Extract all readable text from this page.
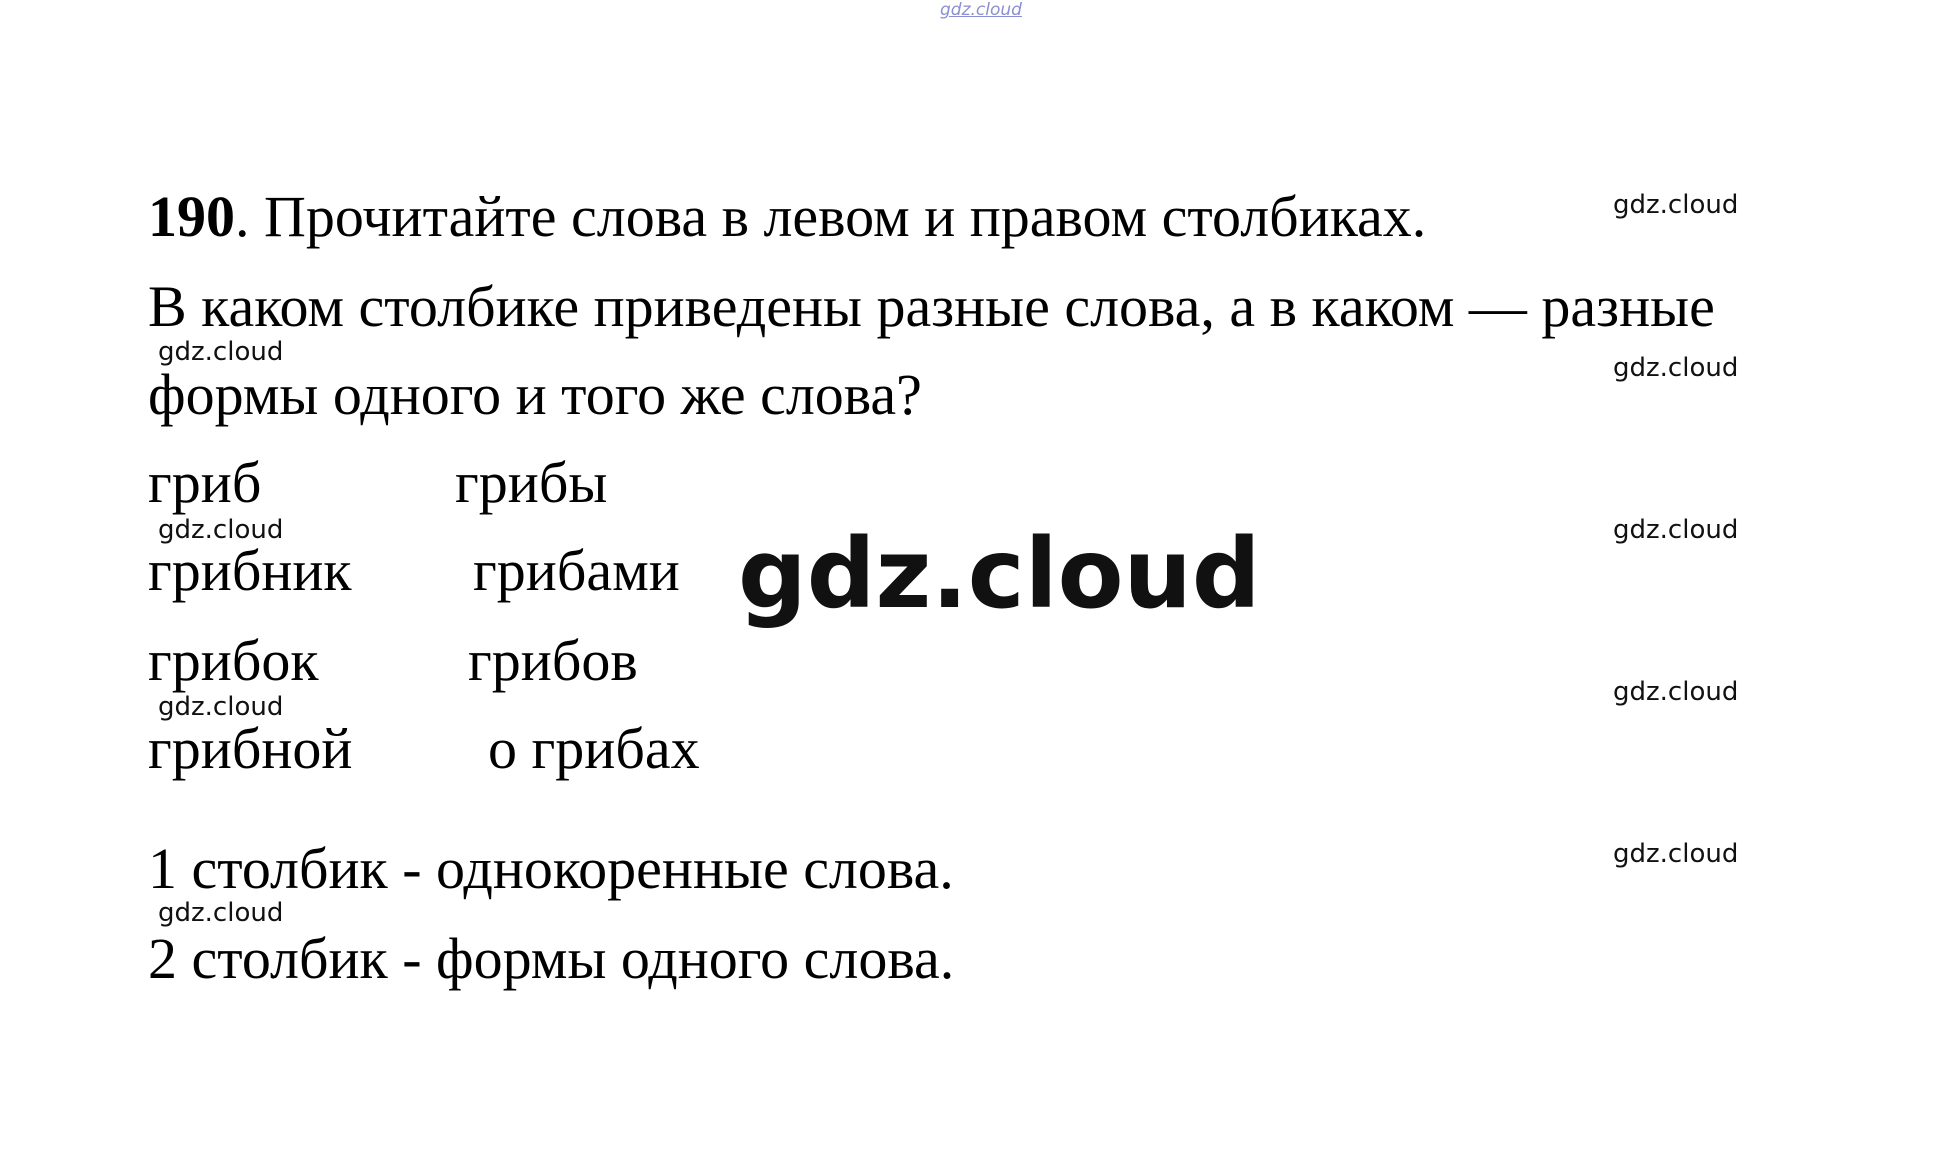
gdz.cloud
190. Прочитайте слова в левом и правом столбиках.
В каком столбике приведены разные слова, а в каком — разные
формы одного и того же слова?
гриб	грибы
грибник грибами
грибок	грибов
грибной о грибах
1 столбик - однокоренные слова.
2 столбик - формы одного слова.
gdz.cloud
gdz.cloud
gdz.cloud
gdz.cloud
gdz.cloud
gdz.cloud
gdz.cloud
gdz.cloud
gdz.cloud
gdz.cloud
